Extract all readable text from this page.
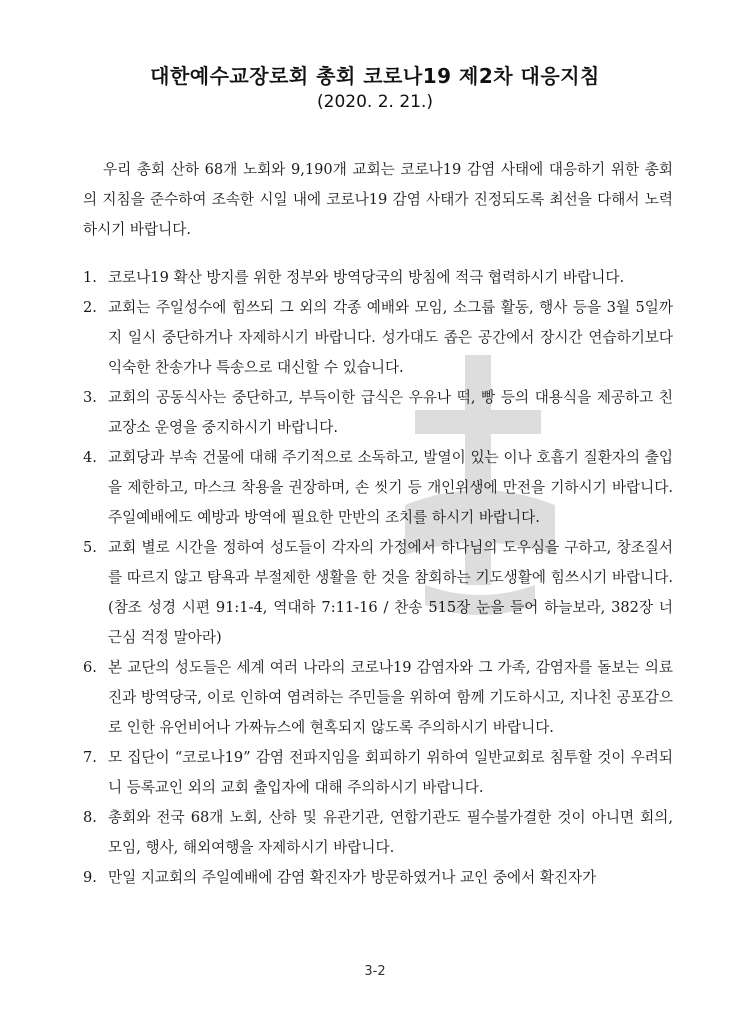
대한예수교장로회 총회 코로나19 제2차 대응지침
(2020. 2. 21.)

우리 총회 산하 68개 노회와 9,190개 교회는 코로나19 감염 사태에 대응하기 위한 총회의 지침을 준수하여 조속한 시일 내에 코로나19 감염 사태가 진정되도록 최선을 다해서 노력하시기 바랍니다.

1. 코로나19 확산 방지를 위한 정부와 방역당국의 방침에 적극 협력하시기 바랍니다.
2. 교회는 주일성수에 힘쓰되 그 외의 각종 예배와 모임, 소그룹 활동, 행사 등을 3월 5일까지 일시 중단하거나 자제하시기 바랍니다. 성가대도 좁은 공간에서 장시간 연습하기보다 익숙한 찬송가나 특송으로 대신할 수 있습니다.
3. 교회의 공동식사는 중단하고, 부득이한 급식은 우유나 떡, 빵 등의 대용식을 제공하고 친교장소 운영을 중지하시기 바랍니다.
4. 교회당과 부속 건물에 대해 주기적으로 소독하고, 발열이 있는 이나 호흡기 질환자의 출입을 제한하고, 마스크 착용을 권장하며, 손 씻기 등 개인위생에 만전을 기하시기 바랍니다. 주일예배에도 예방과 방역에 필요한 만반의 조치를 하시기 바랍니다.
5. 교회 별로 시간을 정하여 성도들이 각자의 가정에서 하나님의 도우심을 구하고, 창조질서를 따르지 않고 탐욕과 부절제한 생활을 한 것을 참회하는 기도생활에 힘쓰시기 바랍니다. (참조 성경 시편 91:1-4, 역대하 7:11-16 / 찬송 515장 눈을 들어 하늘보라, 382장 너 근심 걱정 말아라)
6. 본 교단의 성도들은 세계 여러 나라의 코로나19 감염자와 그 가족, 감염자를 돌보는 의료진과 방역당국, 이로 인하여 염려하는 주민들을 위하여 함께 기도하시고, 지나친 공포감으로 인한 유언비어나 가짜뉴스에 현혹되지 않도록 주의하시기 바랍니다.
7. 모 집단이 “코로나19” 감염 전파지임을 회피하기 위하여 일반교회로 침투할 것이 우려되니 등록교인 외의 교회 출입자에 대해 주의하시기 바랍니다.
8. 총회와 전국 68개 노회, 산하 및 유관기관, 연합기관도 필수불가결한 것이 아니면 회의, 모임, 행사, 해외여행을 자제하시기 바랍니다.
9. 만일 지교회의 주일예배에 감염 확진자가 방문하였거나 교인 중에서 확진자가
3-2
